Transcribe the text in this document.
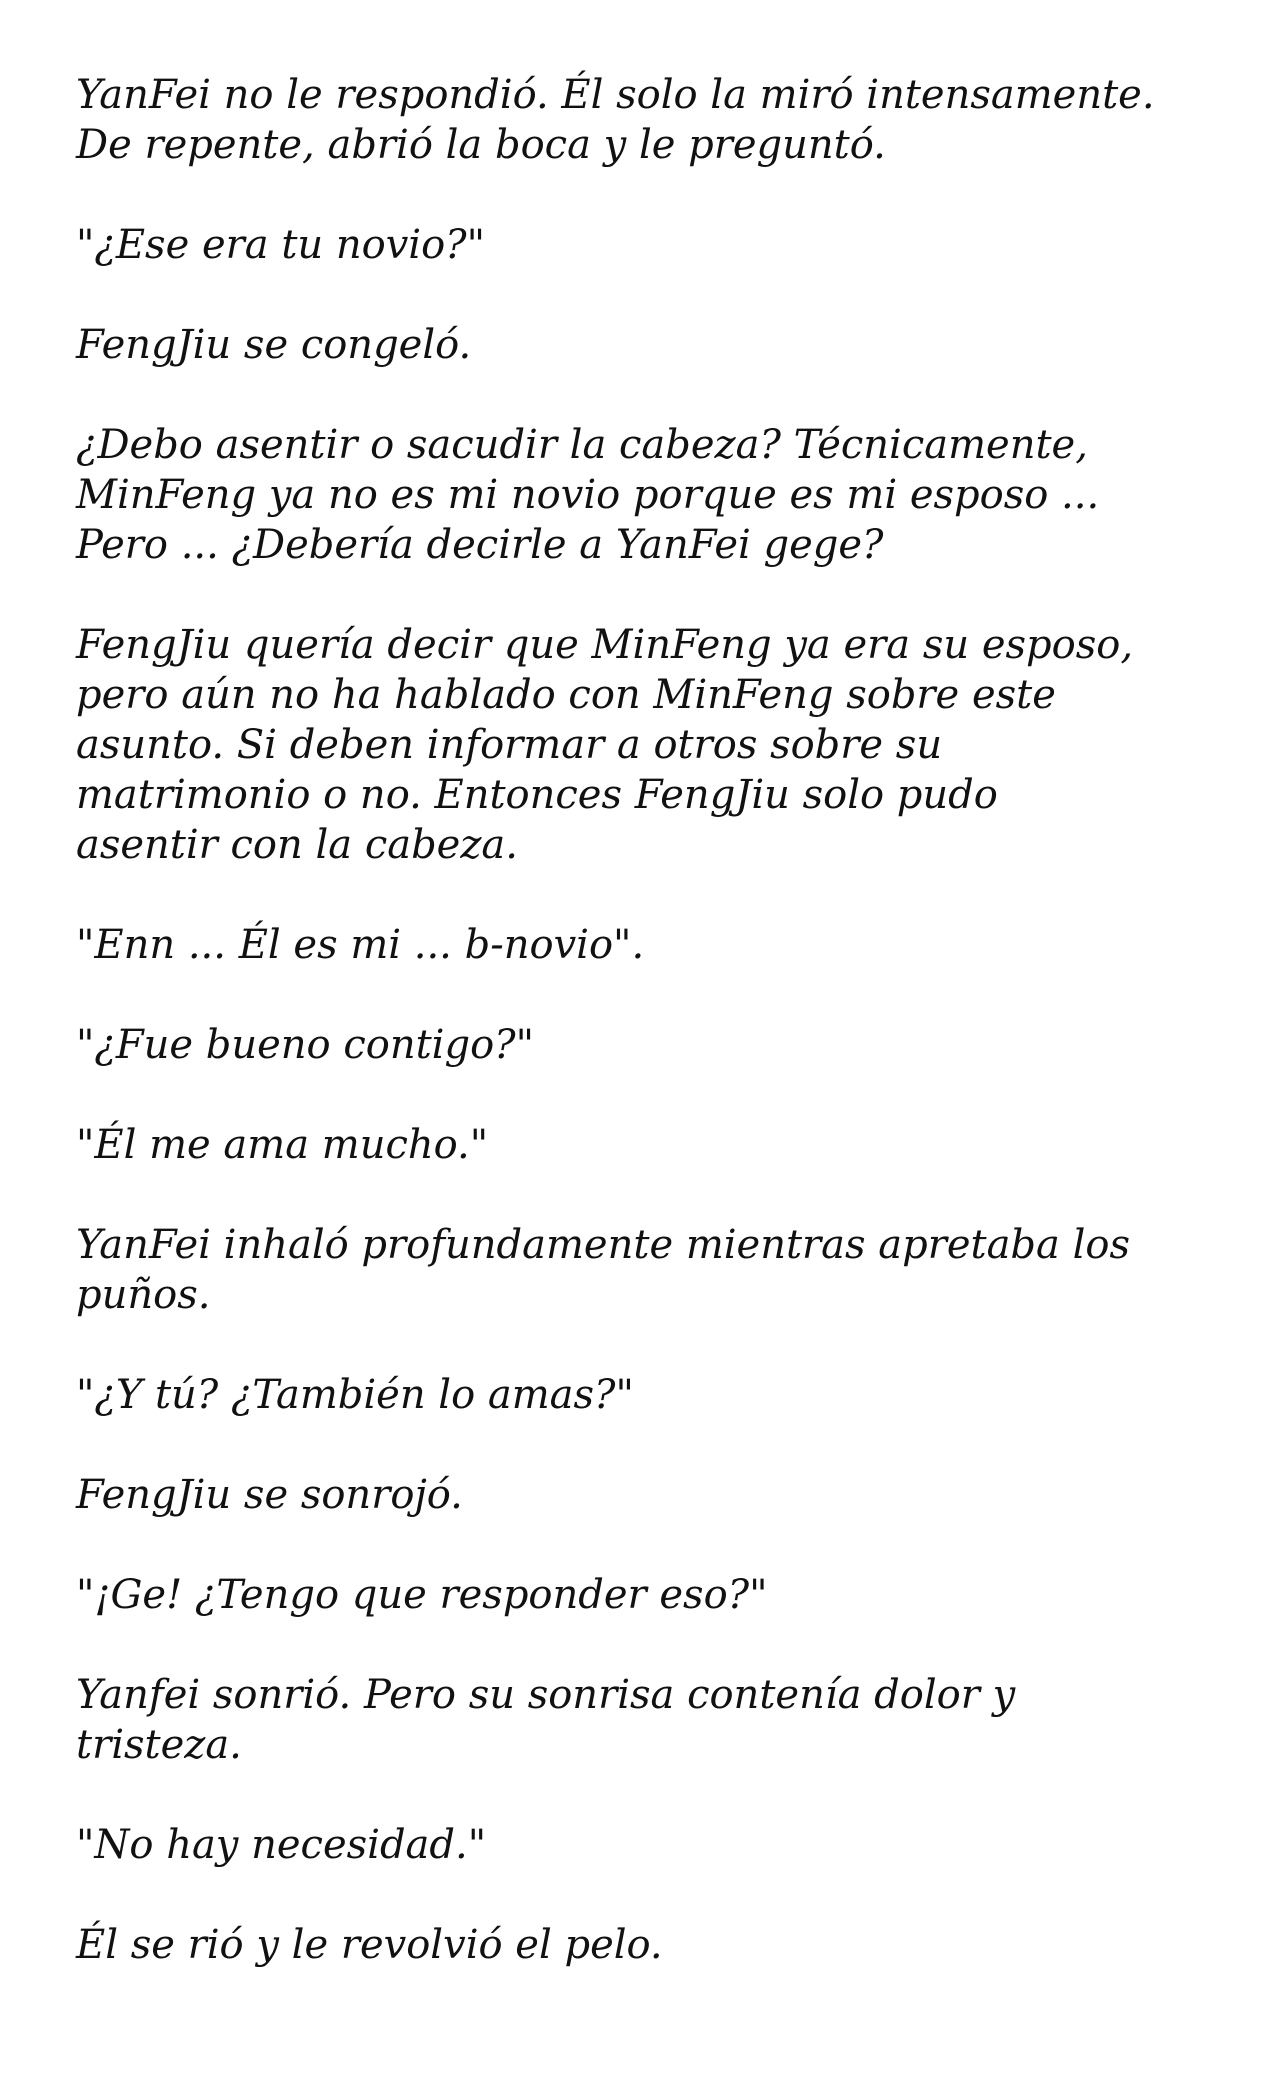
YanFei no le respondió. Él solo la miró intensamente.
De repente, abrió la boca y le preguntó.

"¿Ese era tu novio?"

FengJiu se congeló.

¿Debo asentir o sacudir la cabeza? Técnicamente,
MinFeng ya no es mi novio porque es mi esposo ...
Pero ... ¿Debería decirle a YanFei gege?

FengJiu quería decir que MinFeng ya era su esposo,
pero aún no ha hablado con MinFeng sobre este
asunto. Si deben informar a otros sobre su
matrimonio o no. Entonces FengJiu solo pudo
asentir con la cabeza.

"Enn ... Él es mi ... b-novio".

"¿Fue bueno contigo?"

"Él me ama mucho."

YanFei inhaló profundamente mientras apretaba los
puños.

"¿Y tú? ¿También lo amas?"

FengJiu se sonrojó.

"¡Ge! ¿Tengo que responder eso?"

Yanfei sonrió. Pero su sonrisa contenía dolor y
tristeza.

"No hay necesidad."

Él se rió y le revolvió el pelo.
